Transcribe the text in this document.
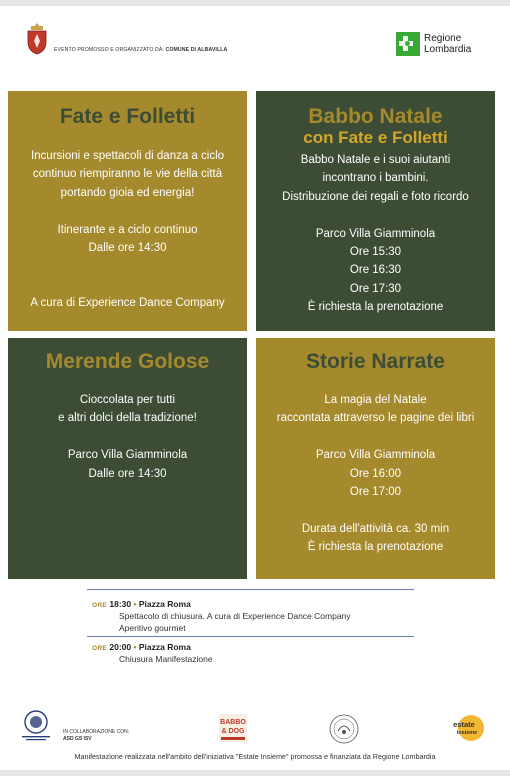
EVENTO PROMOSSO E ORGANIZZATO DA: COMUNE DI ALBAVILLA
Regione
Lombardia
Fate e Folletti
Incursioni e spettacoli di danza a ciclo
continuo riempiranno le vie della città
portando gioia ed energia!
Itinerante e a ciclo continuo
Dalle ore 14:30
A cura di Experience Dance Company
Babbo Natale
con Fate e Folletti
Babbo Natale e i suoi aiutanti
incontrano i bambini.
Distribuzione dei regali e foto ricordo
Parco Villa Giamminola
Ore 15:30
Ore 16:30
Ore 17:30
È richiesta la prenotazione
Merende Golose
Cioccolata per tutti
e altri dolci della tradizione!
Parco Villa Giamminola
Dalle ore 14:30
Storie Narrate
La magia del Natale
raccontata attraverso le pagine dei libri
Parco Villa Giamminola
Ore 16:00
Ore 17:00
Durata dell'attività ca. 30 min
È richiesta la prenotazione
ORE 18:30 • Piazza Roma
Spettacolo di chiusura. A cura di Experience Dance Company
Aperitivo gourmet
ORE 20:00 • Piazza Roma
Chiusura Manifestazione
IN COLLABORAZIONE CON:
ASD GS ISV
BABBO
& DOG
estate
insieme
Manifestazione realizzata nell'ambito dell'iniziativa "Estate Insieme" promossa e finanziata da Regione Lombardia
